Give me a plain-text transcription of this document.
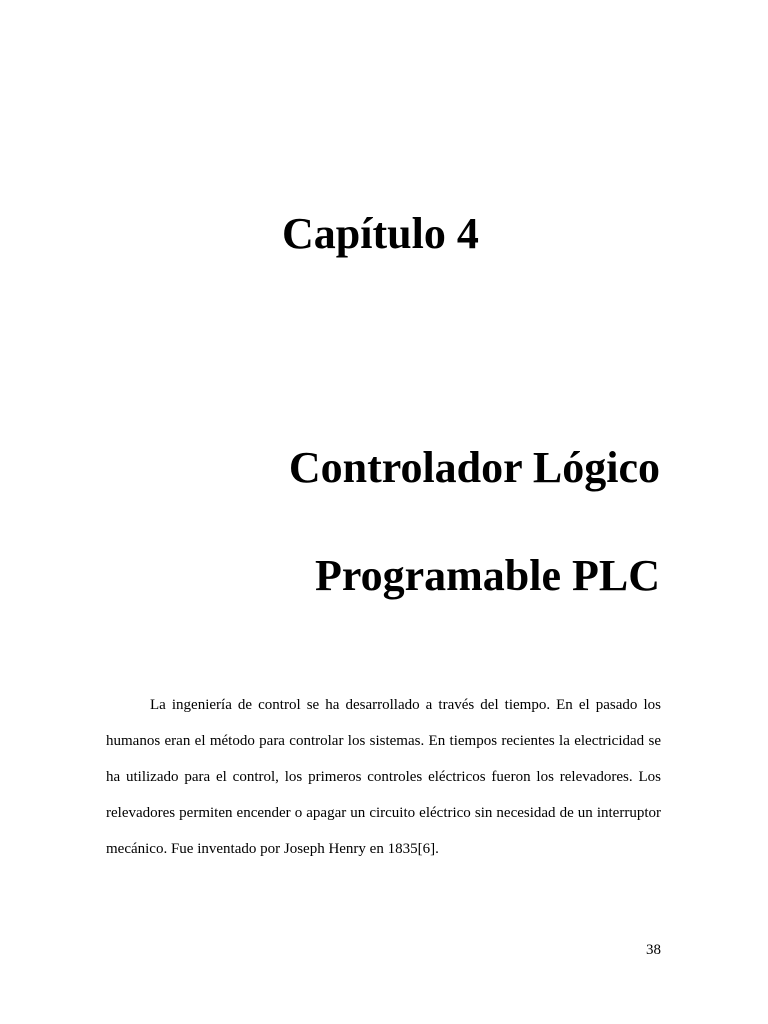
Capítulo 4
Controlador Lógico
Programable PLC

La ingeniería de control se ha desarrollado a través del tiempo. En el pasado los humanos eran el método para controlar los sistemas. En tiempos recientes la electricidad se ha utilizado para el control, los primeros controles eléctricos fueron los relevadores. Los relevadores permiten encender o apagar un circuito eléctrico sin necesidad de un interruptor mecánico. Fue inventado por Joseph Henry en 1835[6].

38
